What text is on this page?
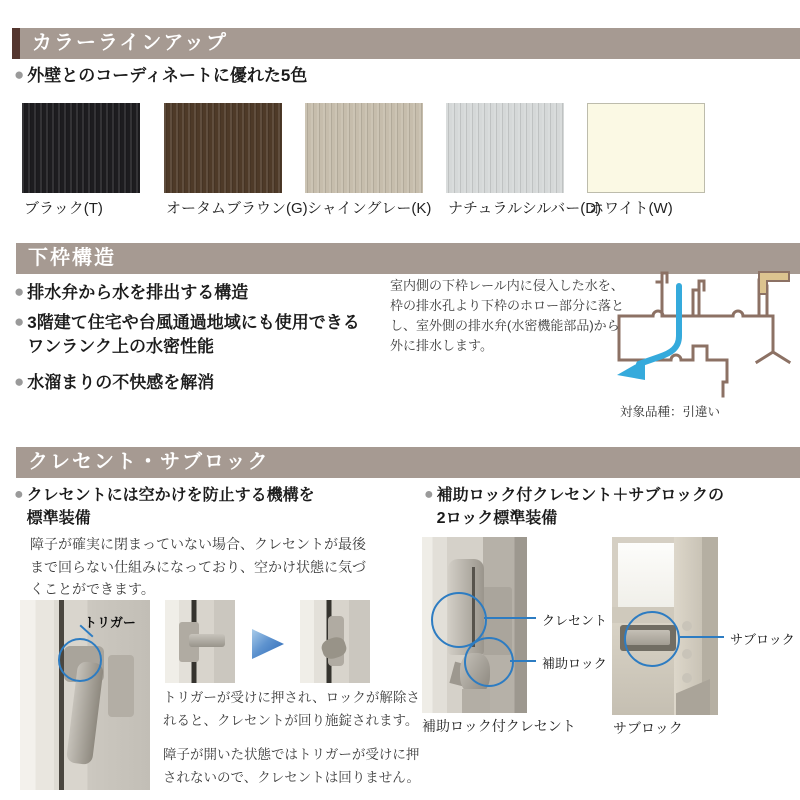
カラーラインアップ
● 外壁とのコーディネートに優れた5色
ブラック(T)	オータムブラウン(G) シャイングレー(K) ナチュラルシルバー(D)
ホワイト(W)
下枠構造
● 排水弁から水を排出する構造
● 3階建て住宅や台風通過地域にも使用できるワンランク上の水密性能
● 水溜まりの不快感を解消
室内側の下枠レール内に侵入した水を、枠の排水孔より下枠のホロー部分に落とし、室外側の排水弁(水密機能部品)から外に排水します。
対象品種：引違い
クレセント・サブロック
● クレセントには空かけを防止する機構を標準装備
障子が確実に閉まっていない場合、クレセントが最後まで回らない仕組みになっており、空かけ状態に気づくことができます。
● 補助ロック付クレセント＋サブロックの2ロック標準装備
トリガー
トリガーが受けに押され、ロックが解除されると、クレセントが回り施錠されます。
障子が開いた状態ではトリガーが受けに押されないので、クレセントは回りません。
クレセント
補助ロック
補助ロック付クレセント
サブロック
サブロック
